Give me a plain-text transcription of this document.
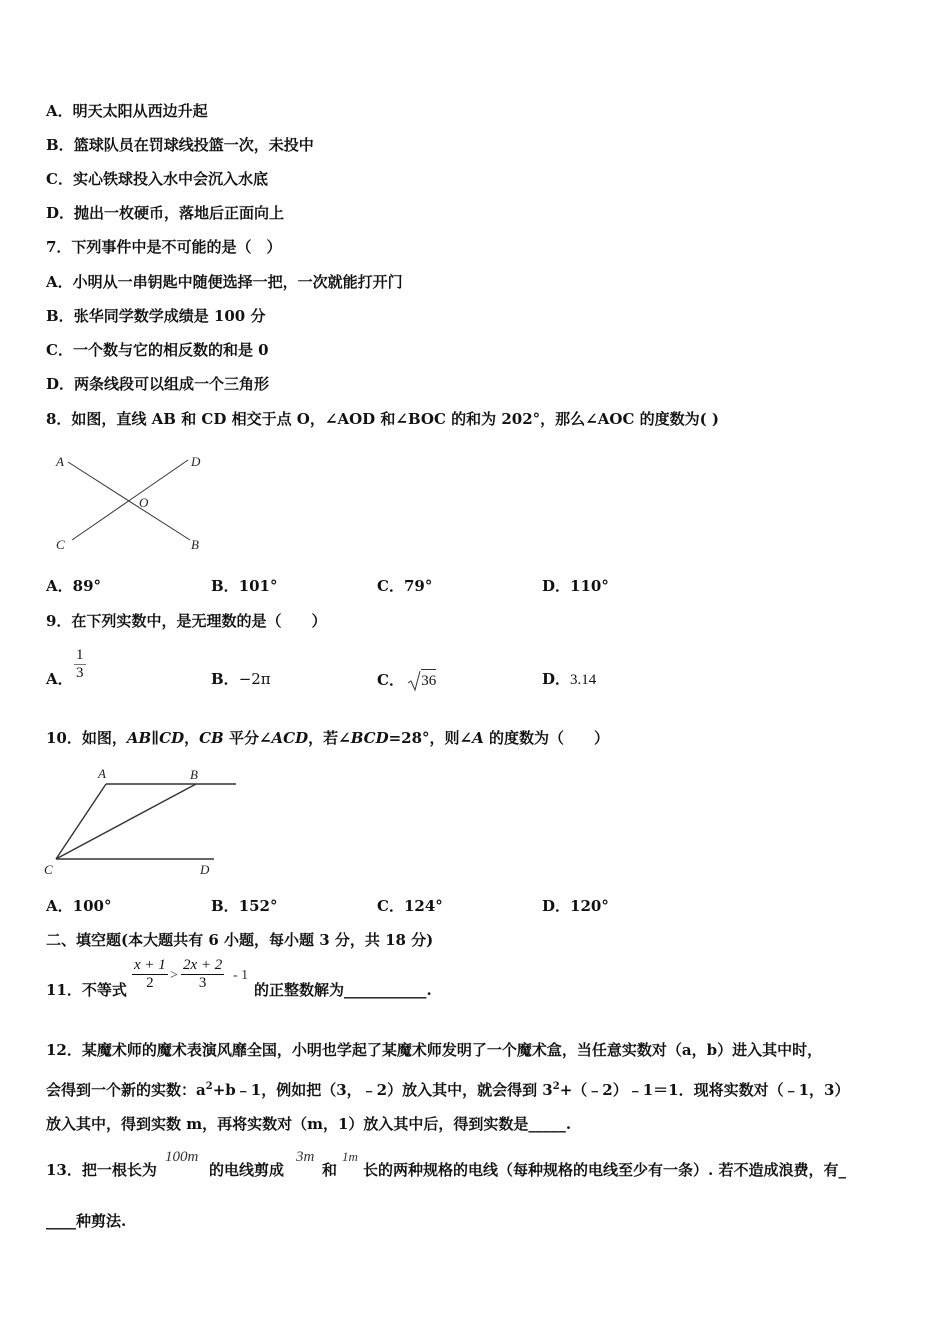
A．明天太阳从西边升起
B．篮球队员在罚球线投篮一次，未投中
C．实心铁球投入水中会沉入水底
D．抛出一枚硬币，落地后正面向上
7．下列事件中是不可能的是（　）
A．小明从一串钥匙中随便选择一把，一次就能打开门
B．张华同学数学成绩是 100 分
C．一个数与它的相反数的和是 0
D．两条线段可以组成一个三角形
8．如图，直线 AB 和 CD 相交于点 O，∠AOD 和∠BOC 的和为 202°，那么∠AOC 的度数为( )
A	D
O
C	B
A．89°	B．101°	C．79°	D．110°
9．在下列实数中，是无理数的是（　　）
A． $\frac{1}{3}$	B．−2π	C． 36	D．3.14
10．如图，AB∥CD，CB 平分∠ACD，若∠BCD=28°，则∠A 的度数为（　　）
A	B
C	D
A．100°	B．152°	C．124°	D．120°
二、填空题(本大题共有 6 小题，每小题 3 分，共 18 分)
11．不等式 $\frac{x + 1}{2} > \frac{2x + 2}{3} - 1$
的正整数解为___________.
12．某魔术师的魔术表演风靡全国，小明也学起了某魔术师发明了一个魔术盒，当任意实数对（a，b）进入其中时，
会得到一个新的实数：$a^2+b﹣1$，例如把（3，﹣2）放入其中，就会得到 $3^2+(﹣2)﹣1=1$．现将实数对（﹣1，3）
放入其中，得到实数 m，再将实数对（m，1）放入其中后，得到实数是_____.
13．把一根长为
100m
的电线剪成
3m
和
1m
长的两种规格的电线（每种规格的电线至少有一条）. 若不造成浪费，有_
____种剪法.
